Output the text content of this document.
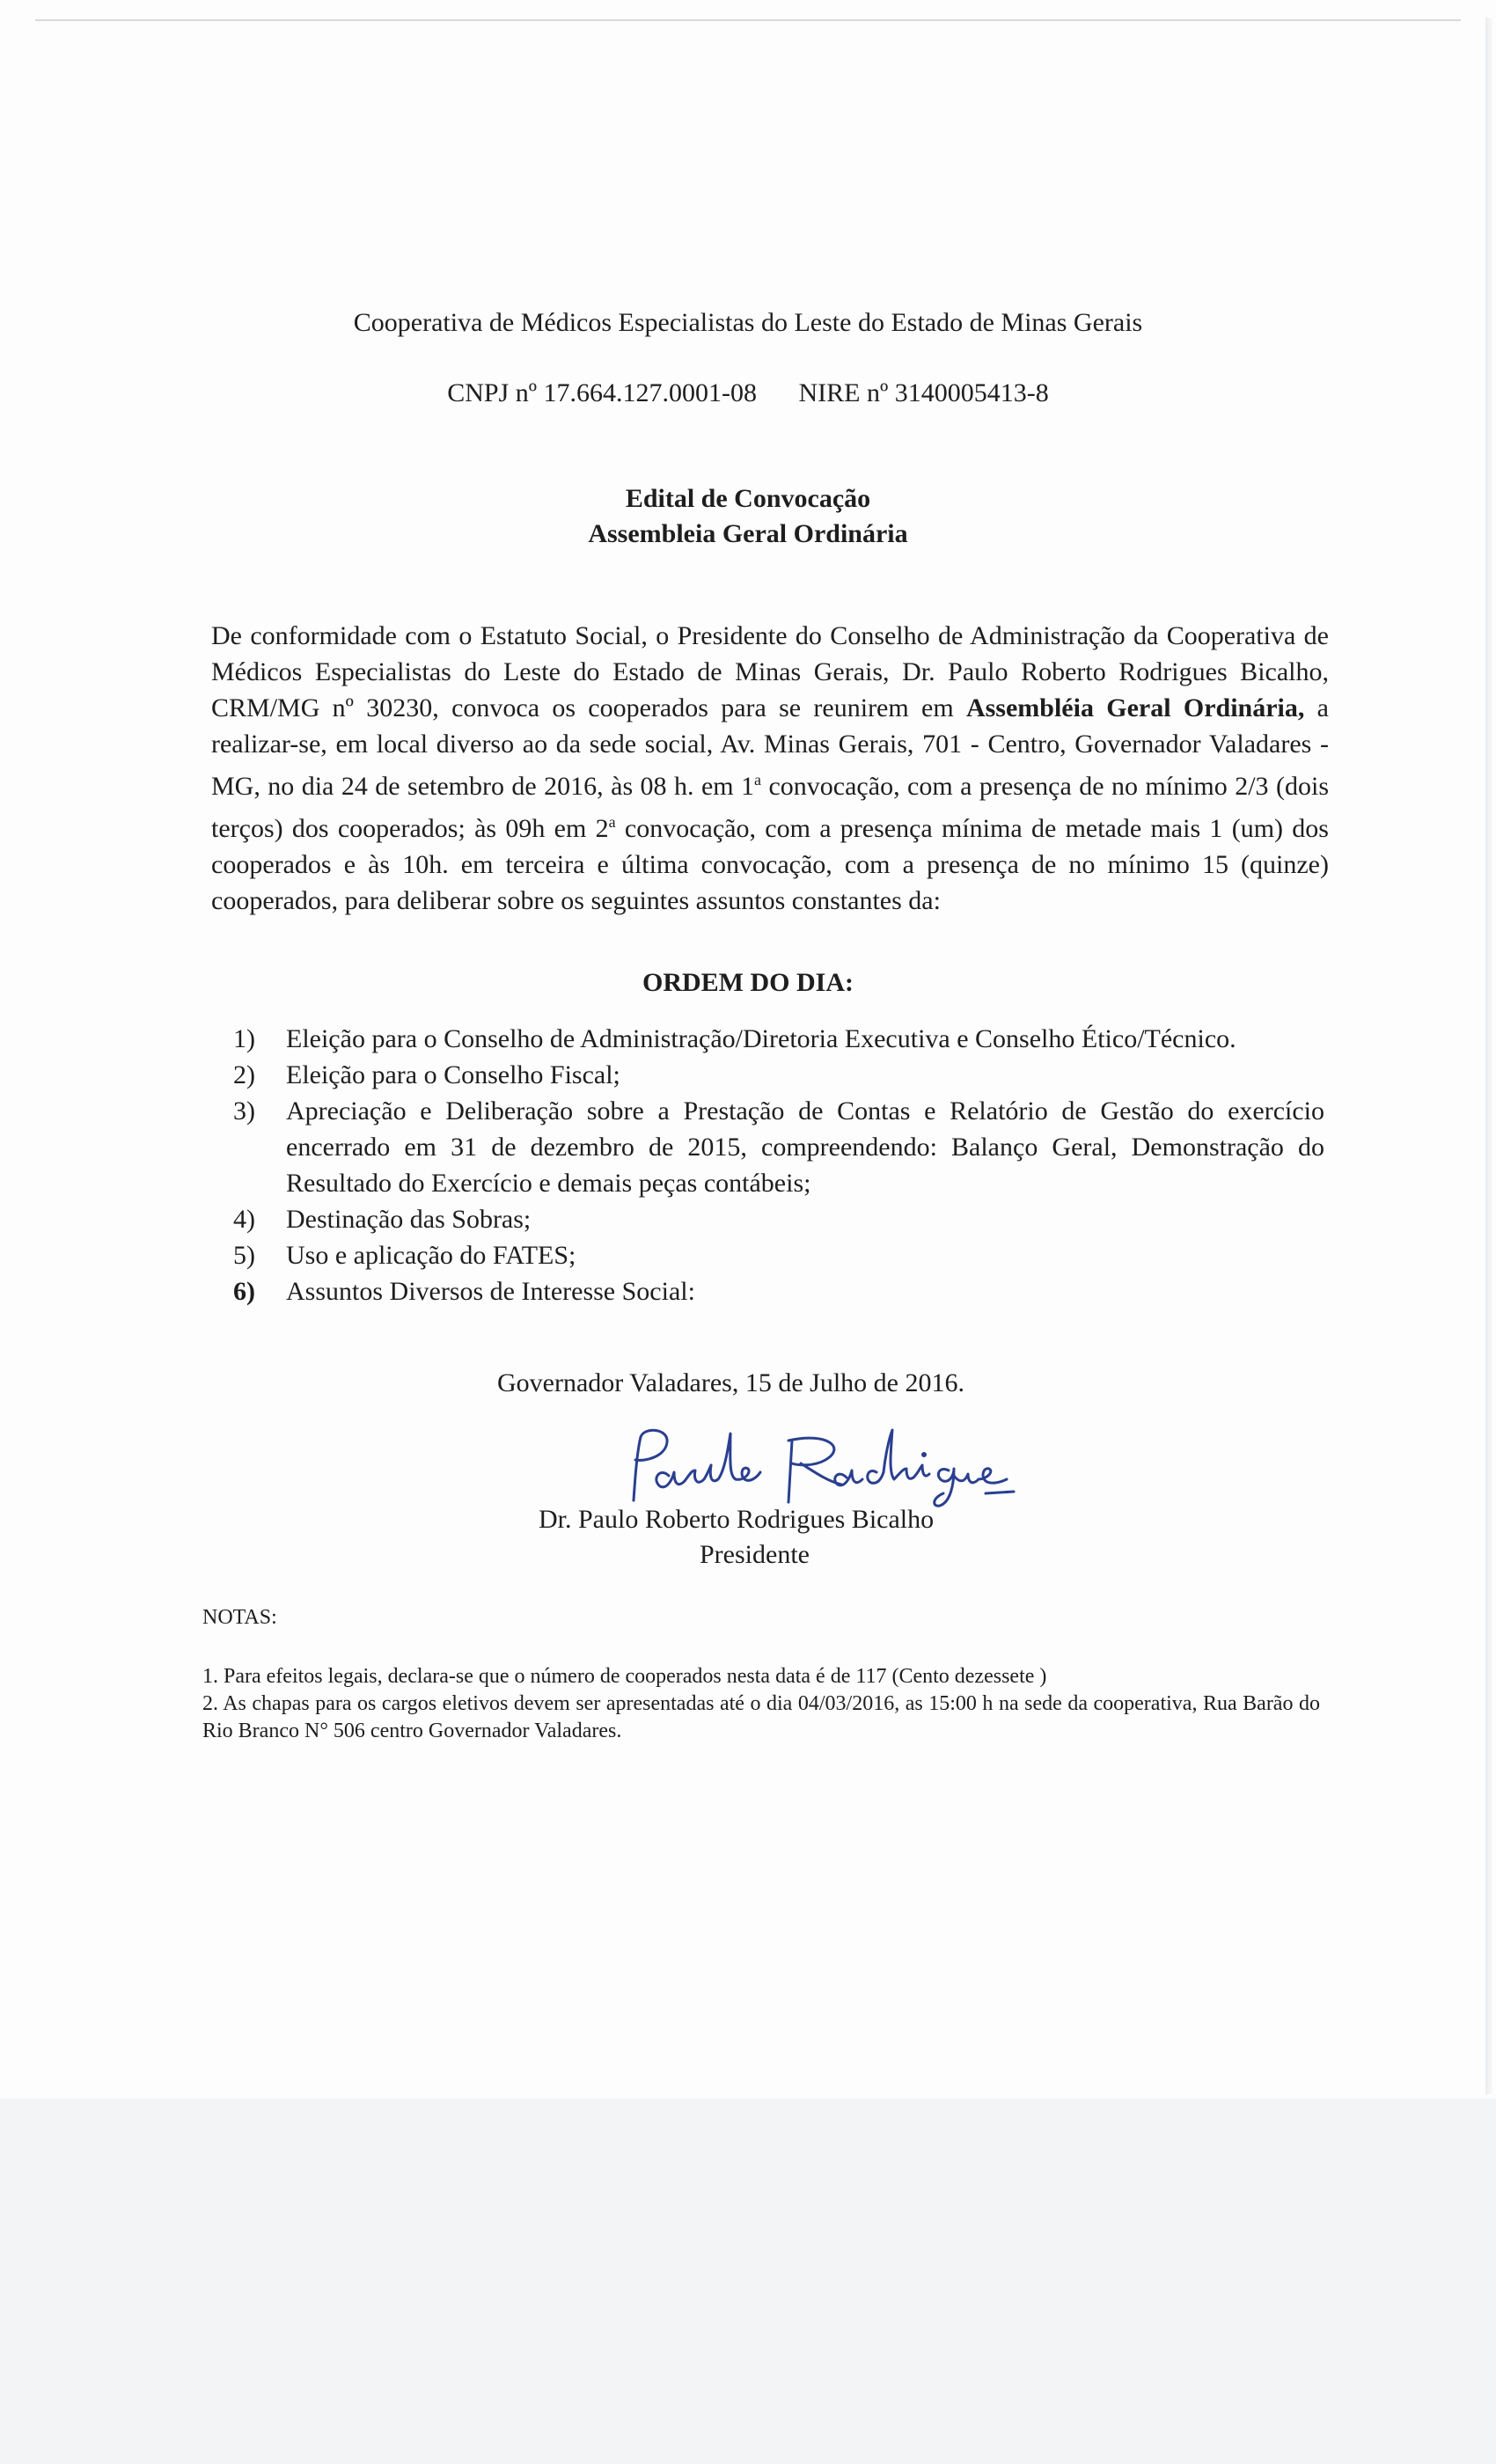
Cooperativa de Médicos Especialistas do Leste do Estado de Minas Gerais
CNPJ nº 17.664.127.0001-08 NIRE nº 3140005413-8
Edital de Convocação
Assembleia Geral Ordinária

De conformidade com o Estatuto Social, o Presidente do Conselho de Administração da Cooperativa de Médicos Especialistas do Leste do Estado de Minas Gerais, Dr. Paulo Roberto Rodrigues Bicalho, CRM/MG nº 30230, convoca os cooperados para se reunirem em Assembléia Geral Ordinária, a realizar-se, em local diverso ao da sede social, Av. Minas Gerais, 701 - Centro, Governador Valadares - MG, no dia 24 de setembro de 2016, às 08 h. em 1$^a$ convocação, com a presença de no mínimo 2/3 (dois terços) dos cooperados; às 09h em 2$^a$ convocação, com a presença mínima de metade mais 1 (um) dos cooperados e às 10h. em terceira e última convocação, com a presença de no mínimo 15 (quinze) cooperados, para deliberar sobre os seguintes assuntos constantes da:

ORDEM DO DIA:
1) Eleição para o Conselho de Administração/Diretoria Executiva e Conselho Ético/Técnico.
2) Eleição para o Conselho Fiscal;
3) Apreciação e Deliberação sobre a Prestação de Contas e Relatório de Gestão do exercício encerrado em 31 de dezembro de 2015, compreendendo: Balanço Geral, Demonstração do Resultado do Exercício e demais peças contábeis;
4) Destinação das Sobras;
5) Uso e aplicação do FATES;
6) Assuntos Diversos de Interesse Social:
Governador Valadares, 15 de Julho de 2016.
Dr. Paulo Roberto Rodrigues Bicalho
Presidente
NOTAS:
1. Para efeitos legais, declara-se que o número de cooperados nesta data é de 117 (Cento dezessete )
2. As chapas para os cargos eletivos devem ser apresentadas até o dia 04/03/2016, as 15:00 h na sede da cooperativa, Rua Barão do Rio Branco N° 506 centro Governador Valadares.
